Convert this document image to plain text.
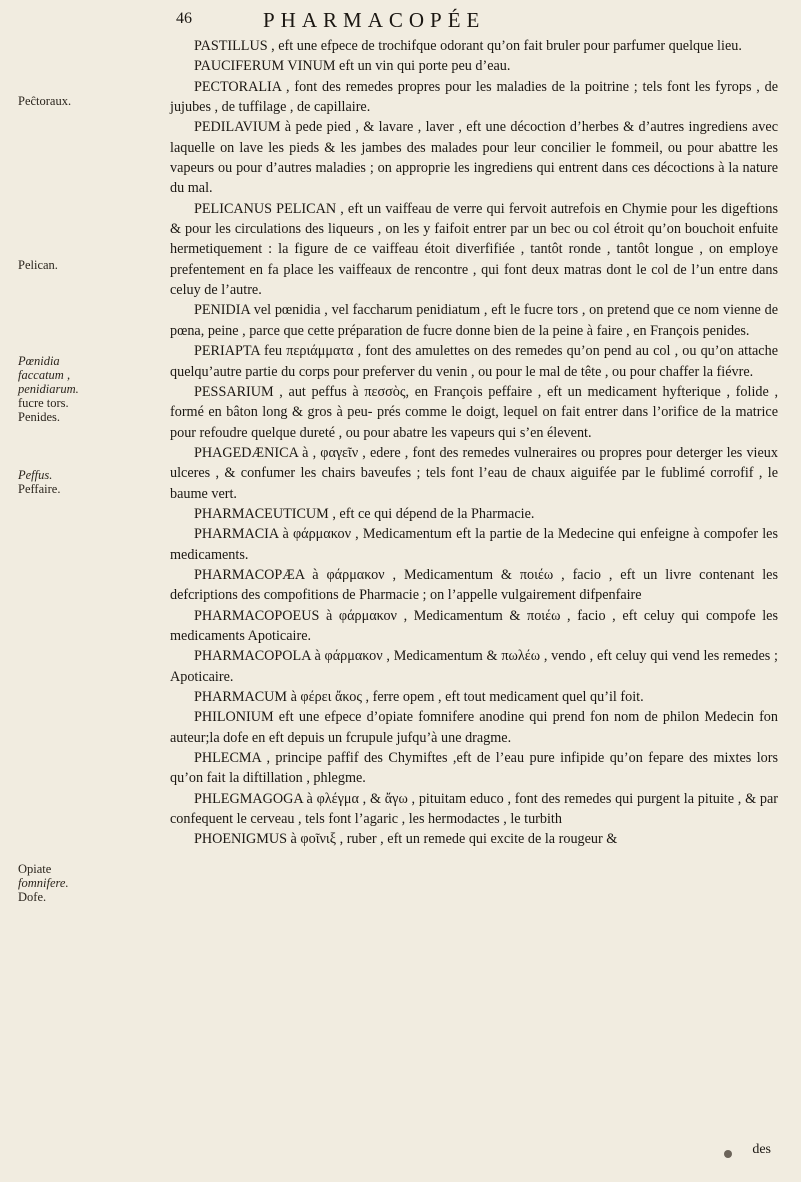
46	PHARMACOPÉE
Peĉtoraux.
Pelican.
Pœnidia
faccatum ,
penidiarum.
fucre tors.
Penides.
Peffus.
Peffaire.
Opiate
fomnifere.
Dofe.

PASTILLUS , eft une efpece de trochifque odorant qu’on fait bruler pour parfumer quelque lieu.

PAUCIFERUM VINUM eft un vin qui porte peu d’eau.

PECTORALIA , font des remedes propres pour les maladies de la poitrine ; tels font les fyrops , de jujubes , de tuffilage , de capillaire.

PEDILAVIUM à pede pied , & lavare , laver , eft une décoction d’herbes & d’autres ingrediens avec laquelle on lave les pieds & les jambes des malades pour leur concilier le fommeil, ou pour abattre les vapeurs ou pour d’autres maladies ; on approprie les ingrediens qui entrent dans ces décoctions à la nature du mal.

PELICANUS PELICAN , eft un vaiffeau de verre qui fervoit autrefois en Chymie pour les digeftions & pour les circulations des liqueurs , on les y faifoit entrer par un bec ou col étroit qu’on bouchoit enfuite hermetiquement : la figure de ce vaiffeau étoit diverfifiée , tantôt ronde , tantôt longue , on employe prefentement en fa place les vaiffeaux de rencontre , qui font deux matras dont le col de l’un entre dans celuy de l’autre.

PENIDIA vel pœnidia , vel faccharum penidiatum , eft le fucre tors , on pretend que ce nom vienne de pœna, peine , parce que cette préparation de fucre donne bien de la peine à faire , en François penides.

PERIAPTA feu περιάμματα , font des amulettes on des remedes qu’on pend au col , ou qu’on attache quelqu’autre partie du corps pour preferver du venin , ou pour le mal de tête , ou pour chaffer la fiévre.

PESSARIUM , aut peffus à πεσσὸς, en François peffaire , eft un medicament hyfterique , folide , formé en bâton long & gros à peu- prés comme le doigt, lequel on fait entrer dans l’orifice de la matrice pour refoudre quelque dureté , ou pour abatre les vapeurs qui s’en élevent.

PHAGEDÆNICA à , φαγεῖν , edere , font des remedes vulneraires ou propres pour deterger les vieux ulceres , & confumer les chairs baveufes ; tels font l’eau de chaux aiguifée par le fublimé corrofif , le baume vert.

PHARMACEUTICUM , eft ce qui dépend de la Pharmacie.

PHARMACIA à φάρμακον , Medicamentum eft la partie de la Medecine qui enfeigne à compofer les medicaments.

PHARMACOPÆA à φάρμακον , Medicamentum & ποιέω , facio , eft un livre contenant les defcriptions des compofitions de Pharmacie ; on l’appelle vulgairement difpenfaire

PHARMACOPOEUS à φάρμακον , Medicamentum & ποιέω , facio , eft celuy qui compofe les medicaments Apoticaire.

PHARMACOPOLA à φάρμακον , Medicamentum & πωλέω , vendo , eft celuy qui vend les remedes ; Apoticaire.

PHARMACUM à φέρει ἄκος , ferre opem , eft tout medicament quel qu’il foit.

PHILONIUM eft une efpece d’opiate fomnifere anodine qui prend fon nom de philon Medecin fon auteur;la dofe en eft depuis un fcrupule jufqu’à une dragme.

PHLECMA , principe paffif des Chymiftes ,eft de l’eau pure infipide qu’on fepare des mixtes lors qu’on fait la diftillation , phlegme.

PHLEGMAGOGA à φλέγμα , & ἄγω , pituitam educo , font des remedes qui purgent la pituite , & par confequent le cerveau , tels font l’agaric , les hermodactes , le turbith

PHOENIGMUS à φοῖνιξ , ruber , eft un remede qui excite de la rougeur &

des
